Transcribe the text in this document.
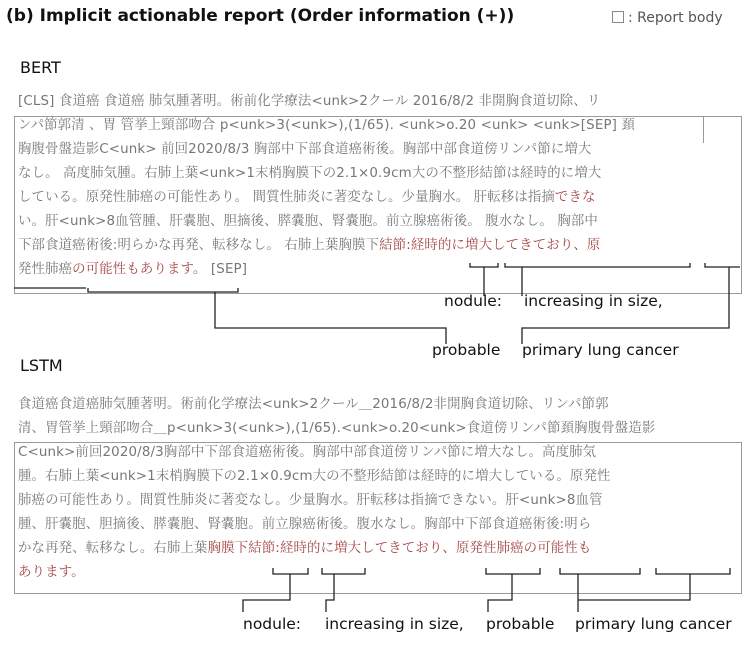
(b) Implicit actionable report (Order information (+))	: Report body
BERT
[CLS] 食道癌 食道癌 肺気腫著明。術前化学療法<unk>2クール 2016/8/2 非開胸食道切除、リ
ンパ節郭清 、胃 管挙上頸部吻合 p<unk>3(<unk>),(1/65). <unk>o.20 <unk> <unk>[SEP] 頚
胸腹骨盤造影C<unk> 前回2020/8/3 胸部中下部食道癌術後。胸部中部食道傍リンパ節に増大
なし。 高度肺気腫。右肺上葉<unk>1末梢胸膜下の2.1×0.9cm大の不整形結節は経時的に増大
している。原発性肺癌の可能性あり。 間質性肺炎に著変なし。少量胸水。 肝転移は指摘できな
い。肝<unk>8血管腫、肝嚢胞、胆摘後、膵嚢胞、腎嚢胞。前立腺癌術後。 腹水なし。 胸部中
下部食道癌術後:明らかな再発、転移なし。 右肺上葉胸膜下結節:経時的に増大してきており、原
発性肺癌の可能性もあります。 [SEP]
nodule: increasing in size,
probable primary lung cancer
LSTM
食道癌食道癌肺気腫著明。術前化学療法<unk>2クール＿2016/8/2非開胸食道切除、リンパ節郭
清、胃管挙上頸部吻合＿p<unk>3(<unk>),(1/65).<unk>o.20<unk>食道傍リンパ節頚胸腹骨盤造影
C<unk>前回2020/8/3胸部中下部食道癌術後。胸部中部食道傍リンパ節に増大なし。高度肺気
腫。右肺上葉<unk>1末梢胸膜下の2.1×0.9cm大の不整形結節は経時的に増大している。原発性
肺癌の可能性あり。間質性肺炎に著変なし。少量胸水。肝転移は指摘できない。肝<unk>8血管
腫、肝嚢胞、胆摘後、膵嚢胞、腎嚢胞。前立腺癌術後。腹水なし。胸部中下部食道癌術後:明ら
かな再発、転移なし。右肺上葉胸膜下結節:経時的に増大してきており、原発性肺癌の可能性も
あります。
nodule: increasing in size, probable primary lung cancer
